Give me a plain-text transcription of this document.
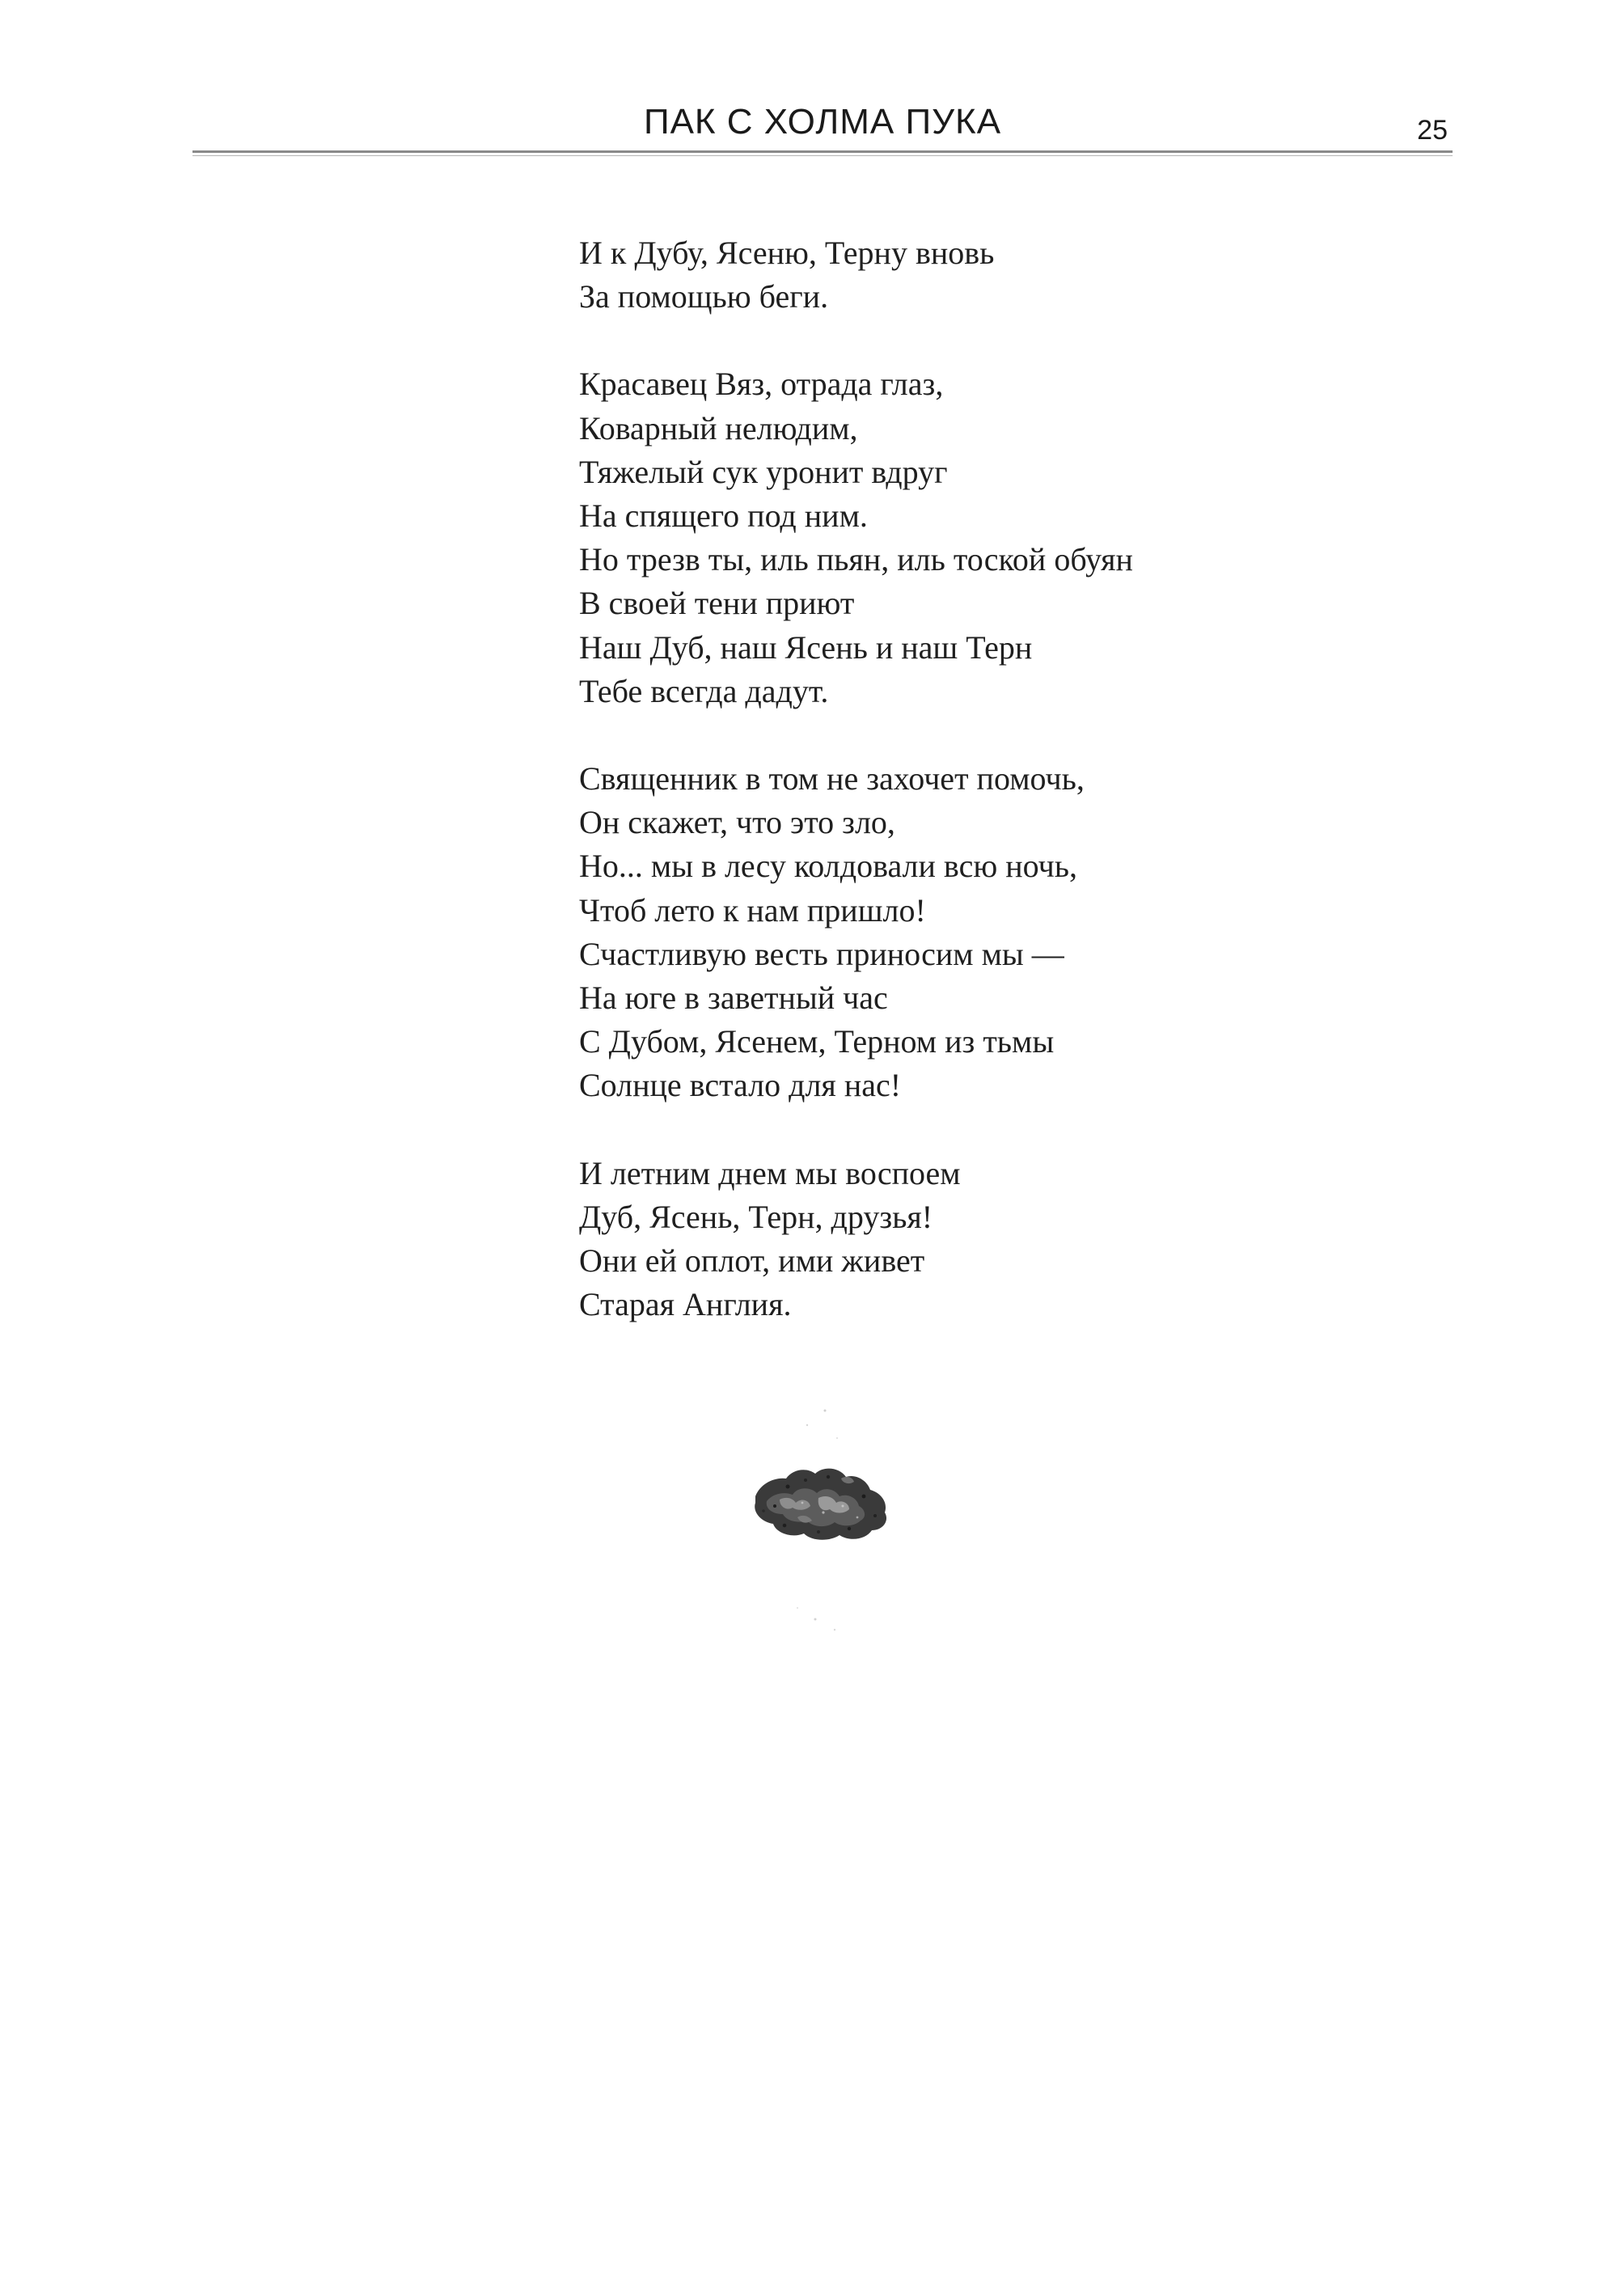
ПАК С ХОЛМА ПУКА	25
И к Дубу, Ясеню, Терну вновь
За помощью беги.
Красавец Вяз, отрада глаз,
Коварный нелюдим,
Тяжелый сук уронит вдруг
На спящего под ним.
Но трезв ты, иль пьян, иль тоской обуян
В своей тени приют
Наш Дуб, наш Ясень и наш Терн
Тебе всегда дадут.
Священник в том не захочет помочь,
Он скажет, что это зло,
Но... мы в лесу колдовали всю ночь,
Чтоб лето к нам пришло!
Счастливую весть приносим мы —
На юге в заветный час
С Дубом, Ясенем, Терном из тьмы
Солнце встало для нас!
И летним днем мы воспоем
Дуб, Ясень, Терн, друзья!
Они ей оплот, ими живет
Старая Англия.
